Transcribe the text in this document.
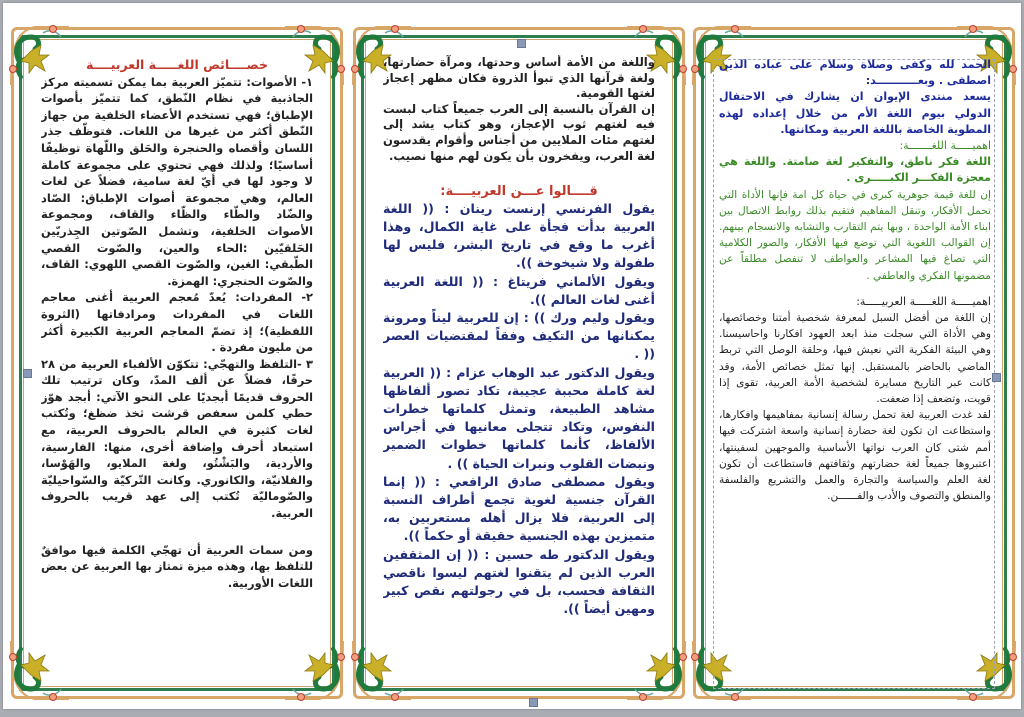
خصــــائص اللغـــــة العربيــــة

١- الأصوات: تتميّز العربية بما يمكن تسميته مركز الجاذبية في نظام النّطق، كما تتميّز بأصوات الإطباق؛ فهي تستخدم الأعضاء الخلفية من جهاز النّطق أكثر من غيرها من اللغات. فتوظّف جذر اللسان وأقصاه والحنجرة والحَلق واللّهاة توظيفًا أساسيًا؛ ولذلك فهي تحتوي على مجموعة كاملة لا وجود لها في أيّ لغة سامية، فضلاً عن لغات العالم، وهي مجموعة أصوات الإطباق: الصّاد والضّاد والطّاء والظّاء والقاف، ومجموعة الأصوات الخلفية، وتشمل الصّوتين الجِذريّين الحَلقيّين :الحاء والعين، والصّوت القصي الطّبقي: الغين، والصّوت القصي اللهوي: القاف، والصّوت الحنجري: الهمزة.

٢- المفردات: يُعدّ مُعجم العربية أغنى معاجم اللغات في المفردات ومرادفاتها (الثروة اللفظية)؛ إذ تضمّ المعاجم العربية الكبيرة أكثر من مليون مفردة .

٣ -التلفظ والتهجّي: تتكوّن الألفباء العربية من ٢٨ حرفًا، فضلاً عن ألف المدّ، وكان ترتيب تلك الحروف قديمًا أبجديًا على النحو الآتي: أبجد هوّز حطي كلمن سعفص قرشت ثخذ ضظغ؛ وتُكتب لغات كثيرة في العالم بالحروف العربية، مع استبعاد أحرف وإضافة أخرى، منها: الفارسية، والأردية، والبَشْتُو، ولغة الملايو، والهَوْسا، والفلانيّة، والكانوري. وكانت التّركيّة والسّواحيليّة والصّوماليّة تُكتب إلى عهد قريب بالحروف العربية.

ومن سمات العربية أن تهجّي الكلمة فيها موافقٌ للتلفظ بها، وهذه ميزة تمتاز بها العربية عن بعض اللغات الأوربية.

واللغة من الأمة أساس وحدتها، ومرآة حضارتها، ولغة قرآنها الذي تبوأ الذروة فكان مظهر إعجاز لغتها القومية.

إن القرآن بالنسبة إلى العرب جميعاً كتاب لبست فيه لغتهم ثوب الإعجاز، وهو كتاب يشد إلى لغتهم مئات الملايين من أجناس وأقوام يقدسون لغة العرب، ويفخرون بأن يكون لهم منها نصيب.

قــــالوا عـــن العربيــــة:

يقول الفرنسي إرنست رينان : (( اللغة العربية بدأت فجأة على غاية الكمال، وهذا أغرب ما وقع في تاريخ البشر، فليس لها طفولة ولا شيخوخة )).

ويقول الألماني فريتاغ : (( اللغة العربية أغنى لغات العالم )).

ويقول وليم ورك )) : إن للعربية ليناً ومرونة يمكنانها من التكيف وفقاً لمقتضيات العصر (( .

ويقول الدكتور عبد الوهاب عزام : (( العربية لغة كاملة محببة عجيبة، تكاد تصور ألفاظها مشاهد الطبيعة، وتمثل كلماتها خطرات النفوس، وتكاد تتجلى معانيها في أجراس الألفاظ، كأنما كلماتها خطوات الضمير ونبضات القلوب ونبرات الحياة )) .

ويقول مصطفى صادق الرافعي : (( إنما القرآن جنسية لغوية تجمع أطراف النسبة إلى العربية، فلا يزال أهله مستعربين به، متميزين بهذه الجنسية حقيقة أو حكماً )).

ويقول الدكتور طه حسين : (( إن المثقفين العرب الذين لم يتقنوا لغتهم ليسوا ناقصي الثقافة فحسب، بل في رجولتهم نقص كبير ومهين أيضاً )).

الحمد لله وكفى وصلاة وسلام على عباده الذين اصطفى . وبعـــــــــــد:

يسعد منتدى الإيوان ان يشارك في الاحتفال الدولي بيوم اللغة الأم من خلال إعداده لهذه المطوية الخاصة باللغة العربية ومكانتها.

اهميـــــة اللغـــــــة:

اللغة فكر ناطق، والتفكير لغة صامتة. واللغة هي معجزة الفكـــر الكبـــــرى .

إن للغة قيمة جوهرية كبرى في حياة كل امة فإنها الأداة التي تحمل الأفكار، وتنقل المفاهيم فتقيم بذلك روابط الاتصال بين ابناء الأمة الواحدة ، وبها يتم التقارب والتشابه والانسجام بينهم. إن القوالب اللغوية التي توضع فيها الأفكار، والصور الكلامية التي تصاغ فيها المشاعر والعواطف لا تنفصل مطلقاً عن مضمونها الفكري والعاطفي .

اهميـــــة اللغـــــة العربيـــــة:

إن اللغة من أفضل السبل لمعرفة شخصية أمتنا وخصائصها، وهي الأداة التي سجلت منذ ابعد العهود افكارنا واحاسيسنا. وهي البيئة الفكرية التي نعيش فيها، وحلقة الوصل التي تربط الماضي بالحاضر بالمستقبل. إنها تمثل خصائص الأمة، وقد كانت عبر التاريخ مسايرة لشخصية الأمة العربية، تقوى إذا قويت، وتضعف إذا ضعفت.

لقد غدت العربية لغة تحمل رسالة إنسانية بمفاهيمها وافكارها، واستطاعت ان تكون لغة حضارة إنسانية واسعة اشتركت فيها أمم شتى كان العرب نواتها الأساسية والموجهين لسفينتها، اعتبروها جميعاً لغة حضارتهم وثقافتهم فاستطاعت أن تكون لغة العلم والسياسة والتجارة والعمل والتشريع والفلسفة والمنطق والتصوف والأدب والفــــــن.
